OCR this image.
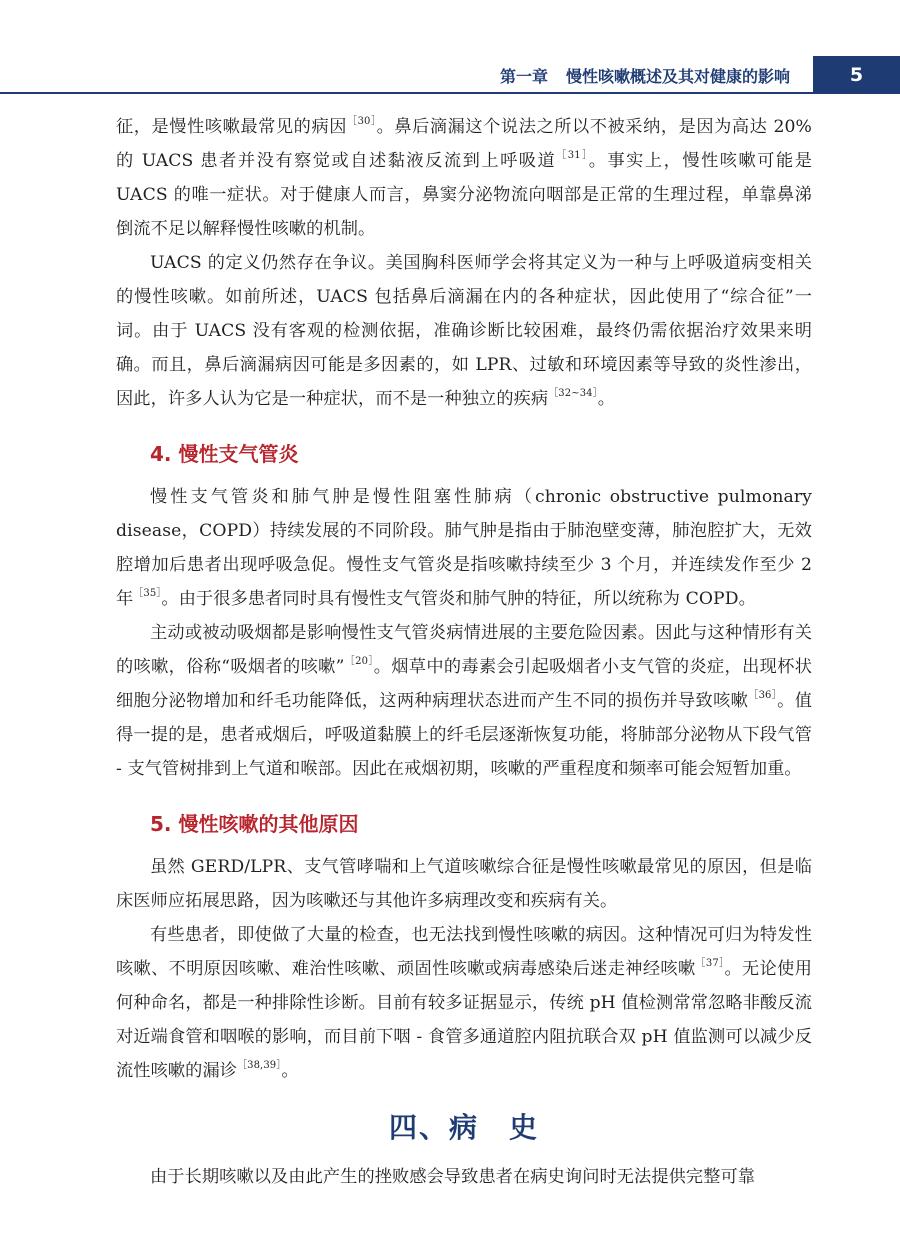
第一章 慢性咳嗽概述及其对健康的影响	5

征，是慢性咳嗽最常见的病因$^{[30]}$。鼻后滴漏这个说法之所以不被采纳，是因为高达 20% 的 UACS 患者并没有察觉或自述黏液反流到上呼吸道$^{[31]}$。事实上，慢性咳嗽可能是 UACS 的唯一症状。对于健康人而言，鼻窦分泌物流向咽部是正常的生理过程，单靠鼻涕倒流不足以解释慢性咳嗽的机制。

UACS 的定义仍然存在争议。美国胸科医师学会将其定义为一种与上呼吸道病变相关的慢性咳嗽。如前所述，UACS 包括鼻后滴漏在内的各种症状，因此使用了“综合征”一词。由于 UACS 没有客观的检测依据，准确诊断比较困难，最终仍需依据治疗效果来明确。而且，鼻后滴漏病因可能是多因素的，如 LPR、过敏和环境因素等导致的炎性渗出，因此，许多人认为它是一种症状，而不是一种独立的疾病$^{[32\sim 34]}$。

4. 慢性支气管炎

慢性支气管炎和肺气肿是慢性阻塞性肺病（chronic obstructive pulmonary disease，COPD）持续发展的不同阶段。肺气肿是指由于肺泡壁变薄，肺泡腔扩大，无效腔增加后患者出现呼吸急促。慢性支气管炎是指咳嗽持续至少 3 个月，并连续发作至少 2 年$^{[35]}$。由于很多患者同时具有慢性支气管炎和肺气肿的特征，所以统称为 COPD。

主动或被动吸烟都是影响慢性支气管炎病情进展的主要危险因素。因此与这种情形有关的咳嗽，俗称“吸烟者的咳嗽”$^{[20]}$。烟草中的毒素会引起吸烟者小支气管的炎症，出现杯状细胞分泌物增加和纤毛功能降低，这两种病理状态进而产生不同的损伤并导致咳嗽$^{[36]}$。值得一提的是，患者戒烟后，呼吸道黏膜上的纤毛层逐渐恢复功能，将肺部分泌物从下段气管 - 支气管树排到上气道和喉部。因此在戒烟初期，咳嗽的严重程度和频率可能会短暂加重。

5. 慢性咳嗽的其他原因

虽然 GERD/LPR、支气管哮喘和上气道咳嗽综合征是慢性咳嗽最常见的原因，但是临床医师应拓展思路，因为咳嗽还与其他许多病理改变和疾病有关。

有些患者，即使做了大量的检查，也无法找到慢性咳嗽的病因。这种情况可归为特发性咳嗽、不明原因咳嗽、难治性咳嗽、顽固性咳嗽或病毒感染后迷走神经咳嗽$^{[37]}$。无论使用何种命名，都是一种排除性诊断。目前有较多证据显示，传统 pH 值检测常常忽略非酸反流对近端食管和咽喉的影响，而目前下咽 - 食管多通道腔内阻抗联合双 pH 值监测可以减少反流性咳嗽的漏诊$^{[38,39]}$。

四、病　史

由于长期咳嗽以及由此产生的挫败感会导致患者在病史询问时无法提供完整可靠
